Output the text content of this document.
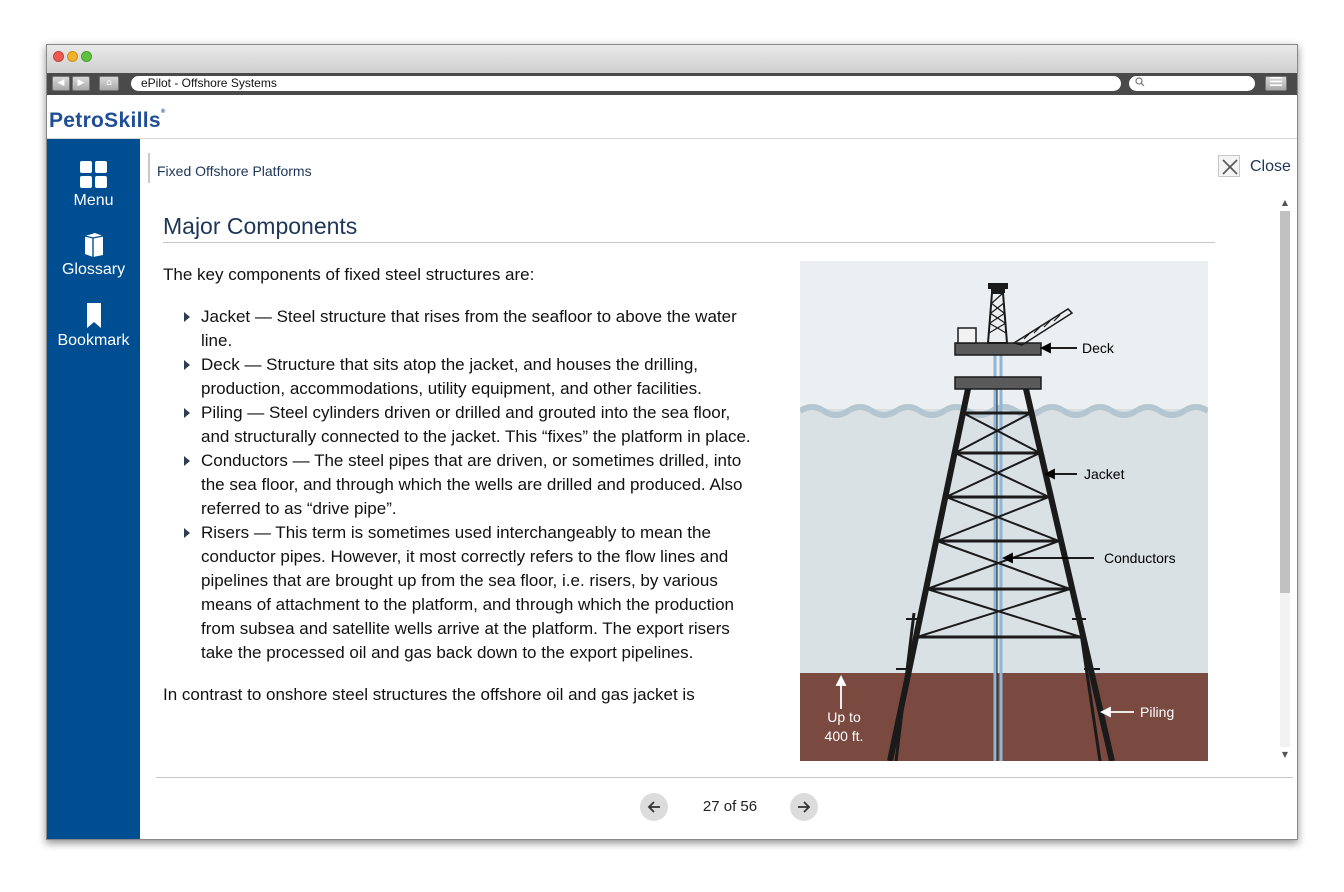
◀	▶	⌂	ePilot - Offshore Systems
PetroSkills®
Menu
Glossary
Bookmark
Fixed Offshore Platforms	Close
▲
▼
Major Components

The key components of fixed steel structures are:

Jacket — Steel structure that rises from the seafloor to above the water line.
Deck — Structure that sits atop the jacket, and houses the drilling, production, accommodations, utility equipment, and other facilities.
Piling — Steel cylinders driven or drilled and grouted into the sea floor, and structurally connected to the jacket. This “fixes” the platform in place.
Conductors — The steel pipes that are driven, or sometimes drilled, into the sea floor, and through which the wells are drilled and produced. Also referred to as “drive pipe”.
Risers — This term is sometimes used interchangeably to mean the conductor pipes. However, it most correctly refers to the flow lines and pipelines that are brought up from the sea floor, i.e. risers, by various means of attachment to the platform, and through which the production from subsea and satellite wells arrive at the platform. The export risers take the processed oil and gas back down to the export pipelines.

In contrast to onshore steel structures the offshore oil and gas jacket is

Deck
Jacket
Conductors
Piling
Up to
400 ft.
27 of 56
